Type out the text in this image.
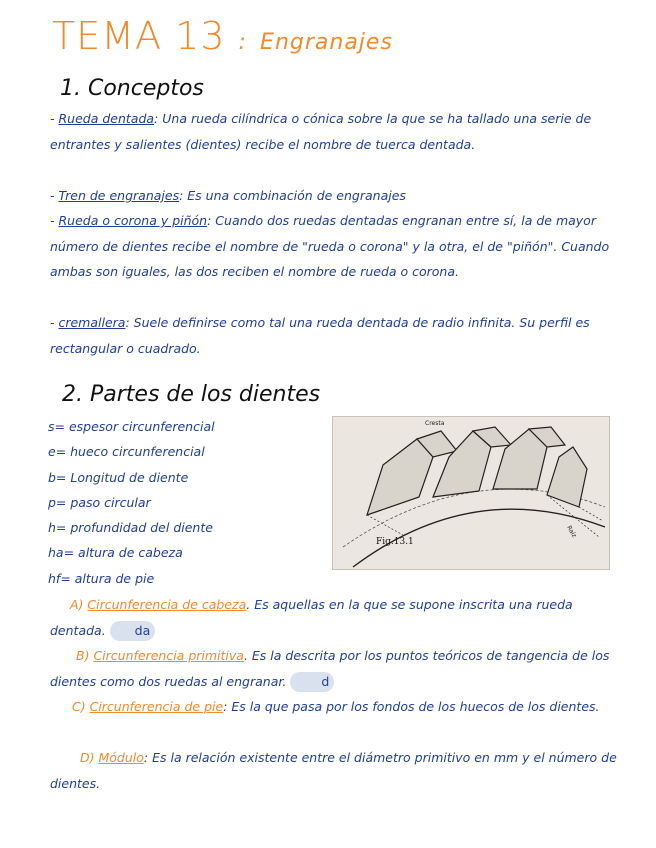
TEMA 13 : Engranajes
1. Conceptos
- Rueda dentada: Una rueda cilíndrica o cónica sobre la que se ha tallado una serie de entrantes y salientes (dientes) recibe el nombre de tuerca dentada.
- Tren de engranajes: Es una combinación de engranajes
- Rueda o corona y piñón: Cuando dos ruedas dentadas engranan entre sí, la de mayor número de dientes recibe el nombre de "rueda o corona" y la otra, el de "piñón". Cuando ambas son iguales, las dos reciben el nombre de rueda o corona.
- cremallera: Suele definirse como tal una rueda dentada de radio infinita. Su perfil es rectangular o cuadrado.
2. Partes de los dientes
s= espesor circunferencial
e= hueco circunferencial
b= Longitud de diente
p= paso circular
h= profundidad del diente
ha= altura de cabeza
hf= altura de pie
Cresta
Raíz
Fig.13.1
A) Circunferencia de cabeza. Es aquellas en la que se supone inscrita una rueda dentada. da
B) Circunferencia primitiva. Es la descrita por los puntos teóricos de tangencia de los dientes como dos ruedas al engranar.	d
C) Circunferencia de pie: Es la que pasa por los fondos de los huecos de los dientes.
D) Módulo: Es la relación existente entre el diámetro primitivo en mm y el número de dientes.
